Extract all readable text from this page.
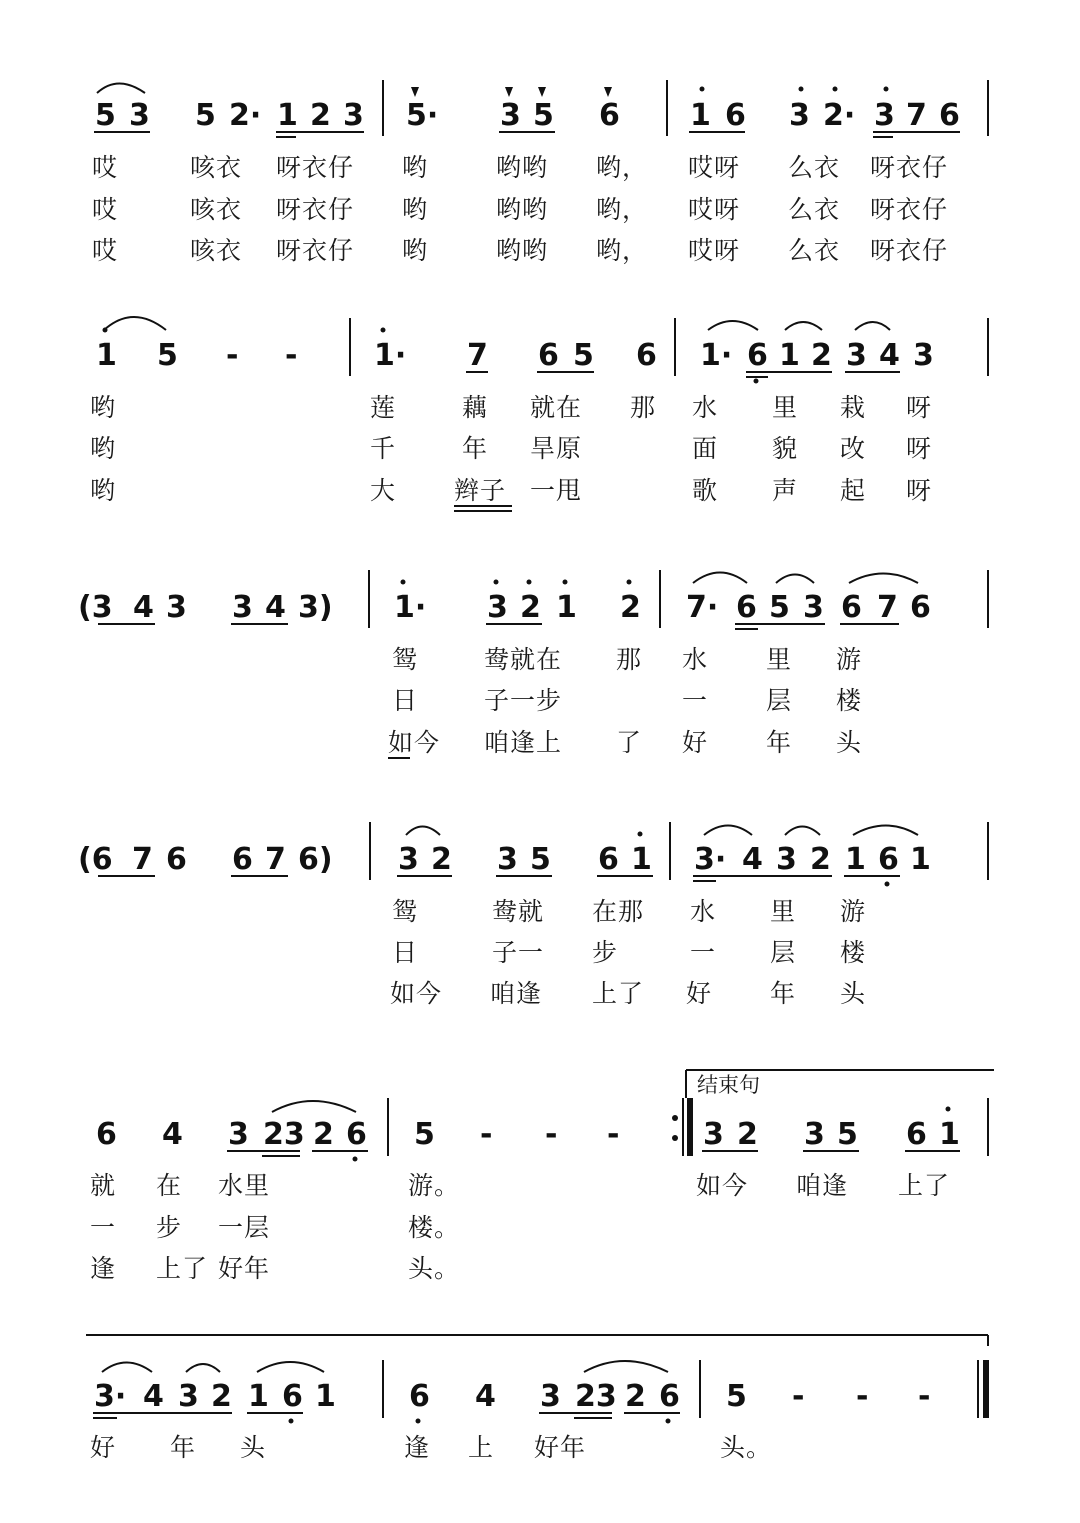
5 3 5 2· 1 2 3 5· 3 5 6 1 6 3 2· 3 7 6
哎	咳衣 呀衣仔 哟	哟哟 哟， 哎呀 么衣 呀衣仔
哎	咳衣 呀衣仔 哟	哟哟 哟， 哎呀 么衣 呀衣仔
哎	咳衣 呀衣仔 哟	哟哟 哟， 哎呀 么衣 呀衣仔
1 5 - -	1· 7 6 5 6 1· 6 1 2 3 4 3
哟	莲	藕 就在 那 水 里 栽 呀
哟	千	年 旱原	面 貌 改 呀
哟	大 辫子 一甩	歌 声 起 呀
(3 4 3 3 4 3) 1· 3 2 1 2 7· 6 5 3 6 7 6
鸳	鸯就在 那 水 里 游
日	子一步	一 层 楼
如今 咱逢上 了 好 年 头
(6 7 6 6 7 6) 3 2 3 5 6 1 3· 4 3 2 1 6 1
鸳	鸯就 在那 水 里 游
日	子一 步	一 层 楼
如今 咱逢 上了 好 年 头
结束句
6 4 3 23 2 6 5 - - -	3 2 3 5 6 1
就 在 水里	游。	如今 咱逢 上了
一 步 一层	楼。
逢 上了 好年	头。
3· 4 3 2 1 6 1 6 4 3 23 2 6 5 - - -
好 年 头	逢 上 好年	头。
